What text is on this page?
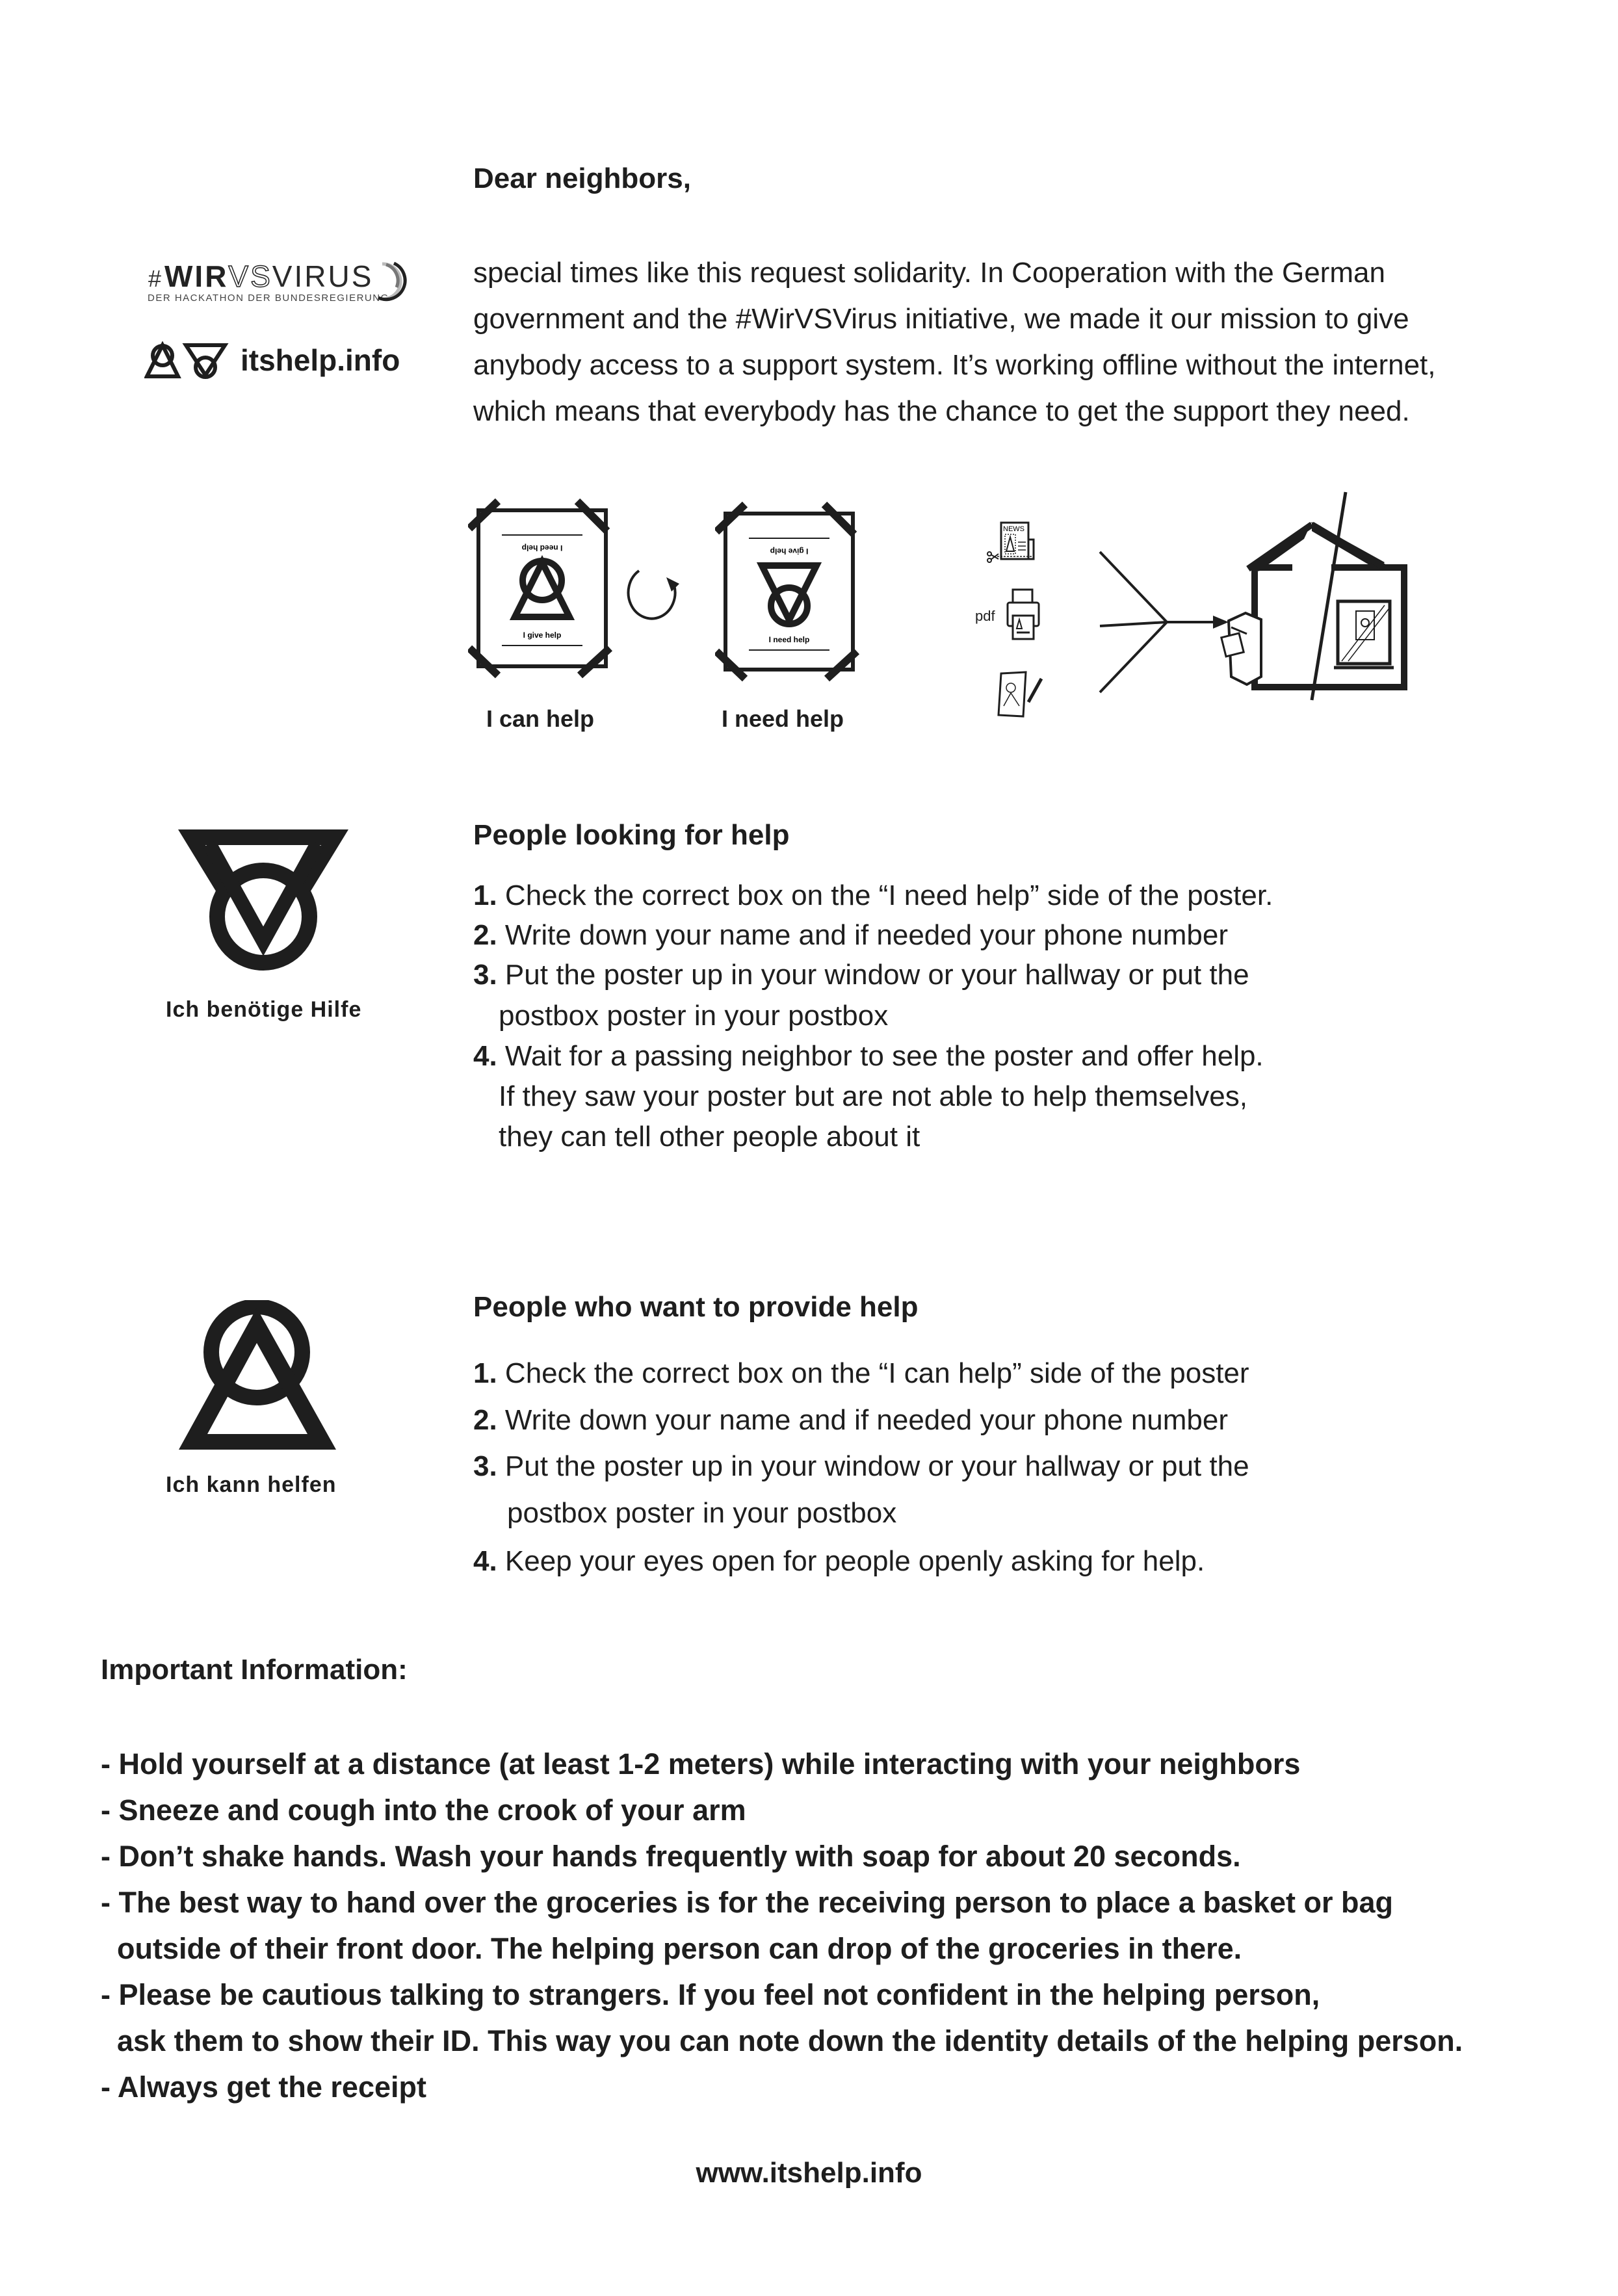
Dear neighbors,
special times like this request solidarity. In Cooperation with the German
government and the #WirVSVirus initiative, we made it our mission to give
anybody access to a support system. It’s working offline without the internet,
which means that everybody has the chance to get the support they need.
# WIRVSVIRUS
DER HACKATHON DER BUNDESREGIERUNG
itshelp.info
I need help
I give help
I give help
I need help
I can help	I need help
NEWS
pdf
Ich benötige Hilfe
People looking for help
1. Check the correct box on the “I need help” side of the poster.
2. Write down your name and if needed your phone number
3. Put the poster up in your window or your hallway or put the
postbox poster in your postbox
4. Wait for a passing neighbor to see the poster and offer help.
If they saw your poster but are not able to help themselves,
they can tell other people about it
Ich kann helfen
People who want to provide help
1. Check the correct box on the “I can help” side of the poster
2. Write down your name and if needed your phone number
3. Put the poster up in your window or your hallway or put the
postbox poster in your postbox
4. Keep your eyes open for people openly asking for help.
Important Information:
- Hold yourself at a distance (at least 1-2 meters) while interacting with your neighbors
- Sneeze and cough into the crook of your arm
- Don’t shake hands. Wash your hands frequently with soap for about 20 seconds.
- The best way to hand over the groceries is for the receiving person to place a basket or bag
outside of their front door. The helping person can drop of the groceries in there.
- Please be cautious talking to strangers. If you feel not confident in the helping person,
ask them to show their ID. This way you can note down the identity details of the helping person.
- Always get the receipt
www.itshelp.info
